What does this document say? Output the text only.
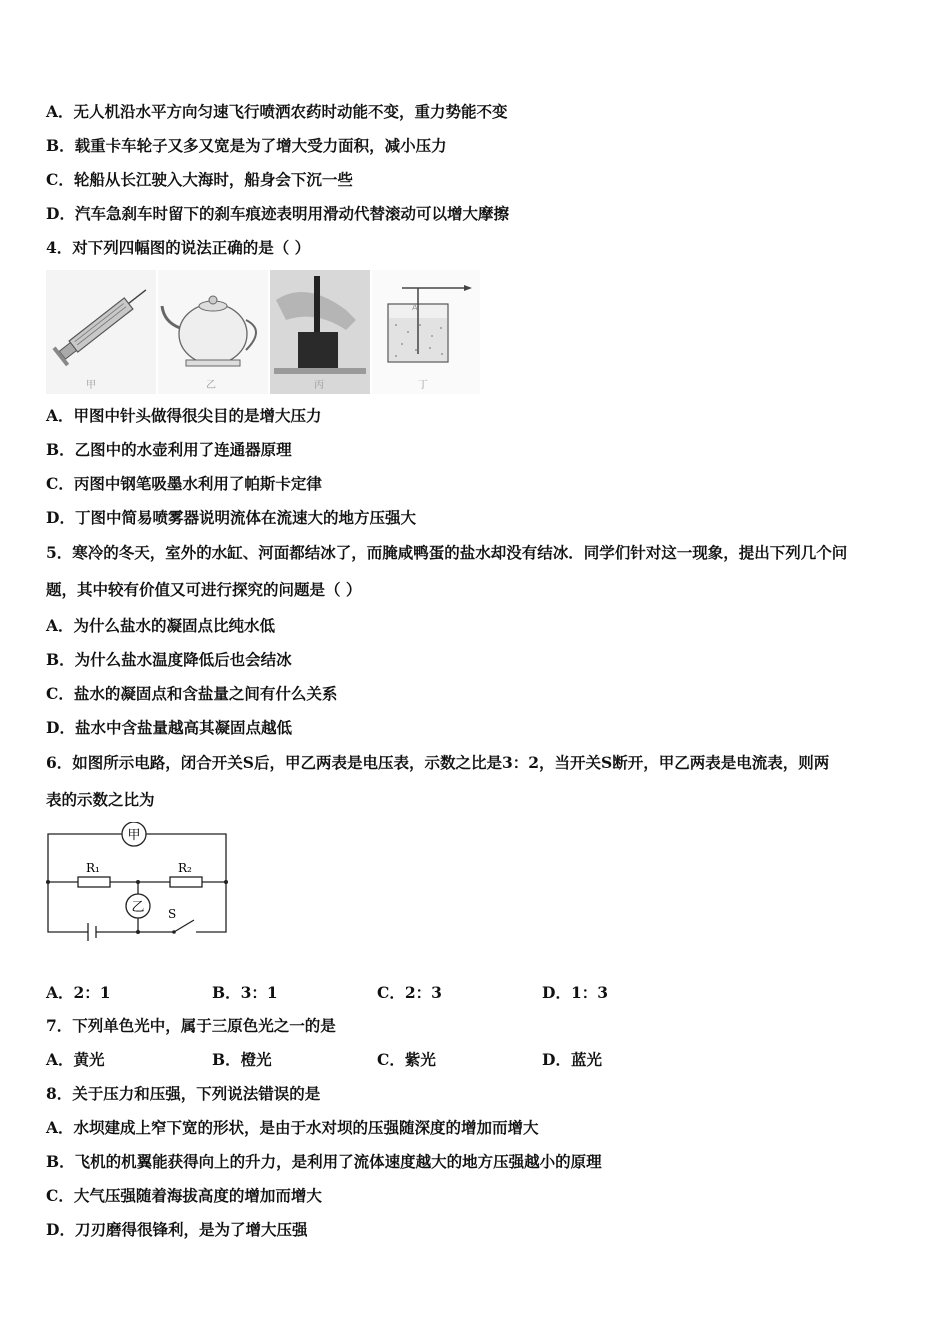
A．无人机沿水平方向匀速飞行喷洒农药时动能不变，重力势能不变
B．载重卡车轮子又多又宽是为了增大受力面积，减小压力
C．轮船从长江驶入大海时，船身会下沉一些
D．汽车急刹车时留下的刹车痕迹表明用滑动代替滚动可以增大摩擦
4．对下列四幅图的说法正确的是（ ）
甲	乙	丙
A
丁
A．甲图中针头做得很尖目的是增大压力
B．乙图中的水壶利用了连通器原理
C．丙图中钢笔吸墨水利用了帕斯卡定律
D．丁图中简易喷雾器说明流体在流速大的地方压强大
5．寒冷的冬天，室外的水缸、河面都结冰了，而腌咸鸭蛋的盐水却没有结冰．同学们针对这一现象，提出下列几个问
题，其中较有价值又可进行探究的问题是（ ）
A．为什么盐水的凝固点比纯水低
B．为什么盐水温度降低后也会结冰
C．盐水的凝固点和含盐量之间有什么关系
D．盐水中含盐量越高其凝固点越低
6．如图所示电路，闭合开关S后，甲乙两表是电压表，示数之比是3：2，当开关S断开，甲乙两表是电流表，则两
表的示数之比为
甲
乙
R₁	R₂
S
A．2：1	B．3：1	C．2：3	D．1：3
7．下列单色光中，属于三原色光之一的是
A．黄光	B．橙光	C．紫光	D．蓝光
8．关于压力和压强，下列说法错误的是
A．水坝建成上窄下宽的形状，是由于水对坝的压强随深度的增加而增大
B．飞机的机翼能获得向上的升力，是利用了流体速度越大的地方压强越小的原理
C．大气压强随着海拔高度的增加而增大
D．刀刃磨得很锋利，是为了增大压强
